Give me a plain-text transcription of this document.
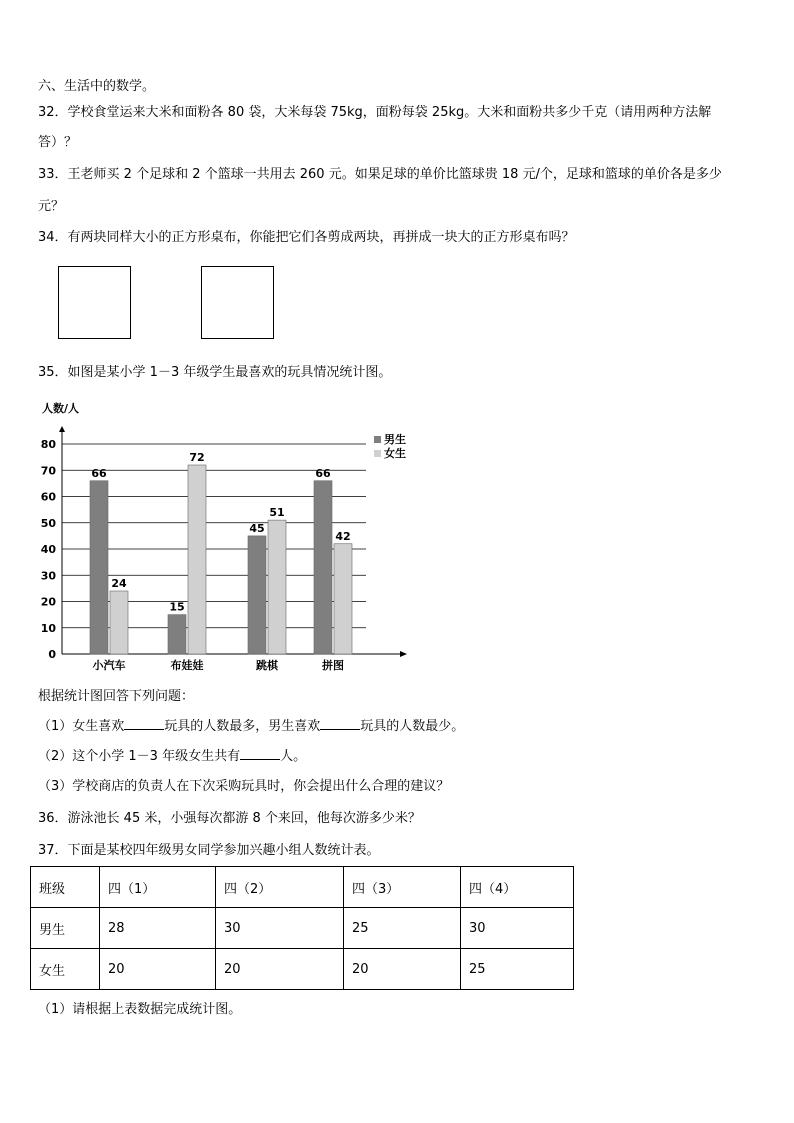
六、生活中的数学。
32．学校食堂运来大米和面粉各 80 袋，大米每袋 75kg，面粉每袋 25kg。大米和面粉共多少千克（请用两种方法解
答）？
33．王老师买 2 个足球和 2 个篮球一共用去 260 元。如果足球的单价比篮球贵 18 元/个，足球和篮球的单价各是多少
元？
34．有两块同样大小的正方形桌布，你能把它们各剪成两块，再拼成一块大的正方形桌布吗？
35．如图是某小学 1－3 年级学生最喜欢的玩具情况统计图。
0
10
20
30
40
50
60
70
80
人数/人
66
24
小汽车
15
72
布娃娃
45
51
跳棋
66
42
拼图
男生
女生
根据统计图回答下列问题：
（1）女生喜欢	玩具的人数最多，男生喜欢	玩具的人数最少。
（2）这个小学 1－3 年级女生共有	人。
（3）学校商店的负责人在下次采购玩具时，你会提出什么合理的建议？
36．游泳池长 45 米，小强每次都游 8 个来回，他每次游多少米？
37．下面是某校四年级男女同学参加兴趣小组人数统计表。
班级	四（1）	四（2）	四（3）	四（4）
男生	28	30	25	30
女生	20	20	20	25
（1）请根据上表数据完成统计图。
